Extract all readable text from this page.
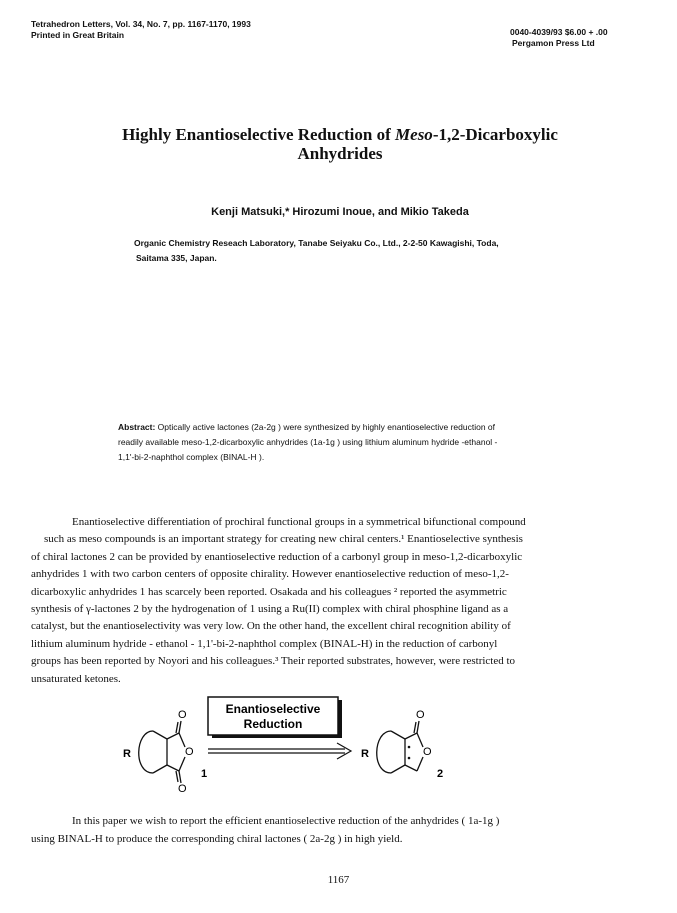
Tetrahedron Letters, Vol. 34, No. 7, pp. 1167-1170, 1993
Printed in Great Britain	0040-4039/93 $6.00 + .00
Pergamon Press Ltd
Highly Enantioselective Reduction of Meso-1,2-Dicarboxylic
Anhydrides
Kenji Matsuki,* Hirozumi Inoue, and Mikio Takeda
Organic Chemistry Reseach Laboratory, Tanabe Seiyaku Co., Ltd., 2-2-50 Kawagishi, Toda,
Saitama 335, Japan.
Abstract: Optically active lactones (2a-2g ) were synthesized by highly enantioselective reduction of
readily available meso-1,2-dicarboxylic anhydrides (1a-1g ) using lithium aluminum hydride -ethanol -
1,1'-bi-2-naphthol complex (BINAL-H ).
Enantioselective differentiation of prochiral functional groups in a symmetrical bifunctional compound
such as meso compounds is an important strategy for creating new chiral centers.¹ Enantioselective synthesis
of chiral lactones 2 can be provided by enantioselective reduction of a carbonyl group in meso-1,2-dicarboxylic
anhydrides 1 with two carbon centers of opposite chirality. However enantioselective reduction of meso-1,2-
dicarboxylic anhydrides 1 has scarcely been reported. Osakada and his colleagues ² reported the asymmetric
synthesis of γ-lactones 2 by the hydrogenation of 1 using a Ru(II) complex with chiral phosphine ligand as a
catalyst, but the enantioselectivity was very low. On the other hand, the excellent chiral recognition ability of
lithium aluminum hydride - ethanol - 1,1'-bi-2-naphthol complex (BINAL-H) in the reduction of carbonyl
groups has been reported by Noyori and his colleagues.³ Their reported substrates, however, were restricted to
unsaturated ketones.
Enantioselective
Reduction
R
O
O
O
1
R
O
O
2
In this paper we wish to report the efficient enantioselective reduction of the anhydrides ( 1a-1g )
using BINAL-H to produce the corresponding chiral lactones ( 2a-2g ) in high yield.
1167
